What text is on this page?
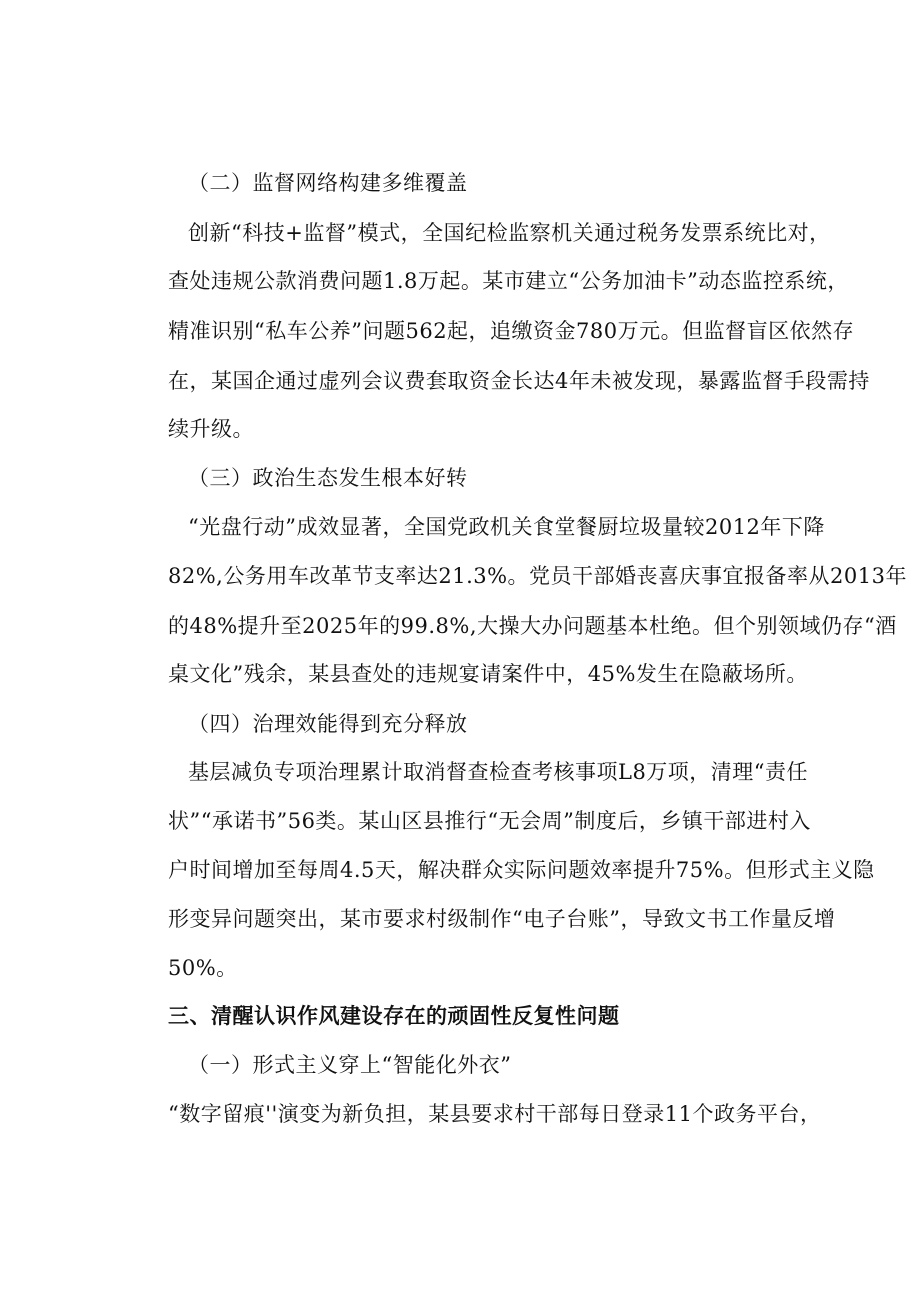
（二）监督网络构建多维覆盖
创新“科技+监督”模式，全国纪检监察机关通过税务发票系统比对，
查处违规公款消费问题1.8万起。某市建立“公务加油卡”动态监控系统，
精准识别“私车公养”问题562起，追缴资金780万元。但监督盲区依然存
在，某国企通过虚列会议费套取资金长达4年未被发现，暴露监督手段需持
续升级。
（三）政治生态发生根本好转
“光盘行动”成效显著，全国党政机关食堂餐厨垃圾量较2012年下降
82%,公务用车改革节支率达21.3%。党员干部婚丧喜庆事宜报备率从2013年
的48%提升至2025年的99.8%,大操大办问题基本杜绝。但个别领域仍存“酒
桌文化”残余，某县查处的违规宴请案件中，45%发生在隐蔽场所。
（四）治理效能得到充分释放
基层减负专项治理累计取消督查检查考核事项L8万项，清理“责任
状”“承诺书”56类。某山区县推行“无会周”制度后，乡镇干部进村入
户时间增加至每周4.5天，解决群众实际问题效率提升75%。但形式主义隐
形变异问题突出，某市要求村级制作“电子台账”，导致文书工作量反增
50%。
三、清醒认识作风建设存在的顽固性反复性问题
（一）形式主义穿上“智能化外衣”
“数字留痕''演变为新负担，某县要求村干部每日登录11个政务平台，
